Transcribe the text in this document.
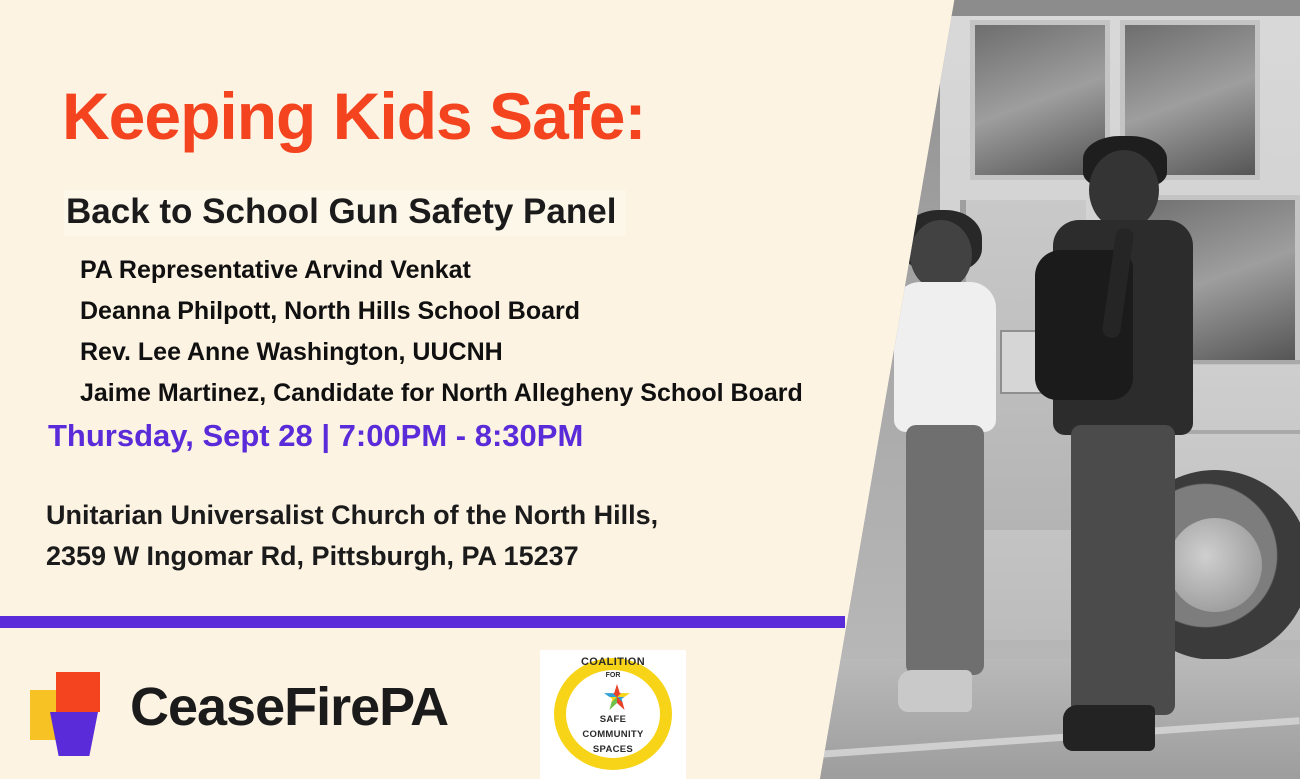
Keeping Kids Safe:
Back to School Gun Safety Panel
PA Representative Arvind Venkat
Deanna Philpott, North Hills School Board
Rev. Lee Anne Washington, UUCNH
Jaime Martinez, Candidate for North Allegheny School Board
Thursday, Sept 28 | 7:00PM - 8:30PM
Unitarian Universalist Church of the North Hills,
2359 W Ingomar Rd, Pittsburgh, PA 15237
CeaseFirePA
COALITION
FOR
SAFE
COMMUNITY
SPACES
